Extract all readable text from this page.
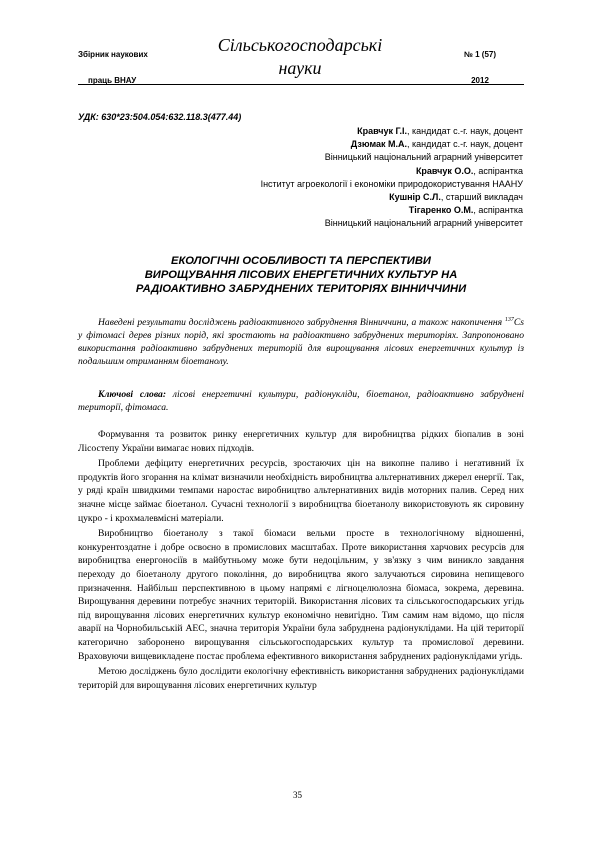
Збірник наукових
праць ВНАУ
Сільськогосподарські
науки
№ 1 (57)
2012
УДК: 630*23:504.054:632.118.3(477.44)
Кравчук Г.І., кандидат с.-г. наук, доцент
Дзюмак М.А., кандидат с.-г. наук, доцент
Вінницький національний аграрний університет
Кравчук О.О., аспірантка
Інститут агроекології і економіки природокористування НААНУ
Кушнір С.Л., старший викладач
Тігаренко О.М., аспірантка
Вінницький національний аграрний університет
ЕКОЛОГІЧНІ ОСОБЛИВОСТІ ТА ПЕРСПЕКТИВИ
ВИРОЩУВАННЯ ЛІСОВИХ ЕНЕРГЕТИЧНИХ КУЛЬТУР НА
РАДІОАКТИВНО ЗАБРУДНЕНИХ ТЕРИТОРІЯХ ВІННИЧЧИНИ
Наведені результати досліджень радіоактивного забруднення Вінниччини, а також накопичення $^{137}$Cs у фітомасі дерев різних порід, які зростають на радіоактивно забруднених територіях. Запропоновано використання радіоактивно забруднених територій для вирощування лісових енергетичних культур із подальшим отриманням біоетанолу.
Ключові слова: лісові енергетичні культури, радіонукліди, біоетанол, радіоактивно забруднені території, фітомаса.

Формування та розвиток ринку енергетичних культур для виробництва рідких біопалив в зоні Лісостепу України вимагає нових підходів.

Проблеми дефіциту енергетичних ресурсів, зростаючих цін на викопне паливо і негативний їх продуктів його згорання на клімат визначили необхідність виробництва альтернативних джерел енергії. Так, у ряді країн швидкими темпами наростає виробництво альтернативних видів моторних палив. Серед них значне місце займає біоетанол. Сучасні технології з виробництва біоетанолу використовують як сировину цукро - і крохмалевмісні матеріали.

Виробництво біоетанолу з такої біомаси вельми просте в технологічному відношенні, конкурентоздатне і добре освоєно в промислових масштабах. Проте використання харчових ресурсів для виробництва енергоносіїв в майбутньому може бути недоцільним, у зв'язку з чим виникло завдання переходу до біоетанолу другого покоління, до виробництва якого залучаються сировина непищевого призначення. Найбільш перспективною в цьому напрямі є лігноцелюлозна біомаса, зокрема, деревина. Вирощування деревини потребує значних територій. Використання лісових та сільськогосподарських угідь під вирощування лісових енергетичних культур економічно невигідно. Тим самим нам відомо, що після аварії на Чорнобильській АЕС, значна територія України була забруднена радіонуклідами. На цій території категорично заборонено вирощування сільськогосподарських культур та промислової деревини. Враховуючи вищевикладене постає проблема ефективного використання забруднених радіонуклідами угідь.

Метою досліджень було дослідити екологічну ефективність використання забруднених радіонуклідами територій для вирощування лісових енергетичних культур

35
